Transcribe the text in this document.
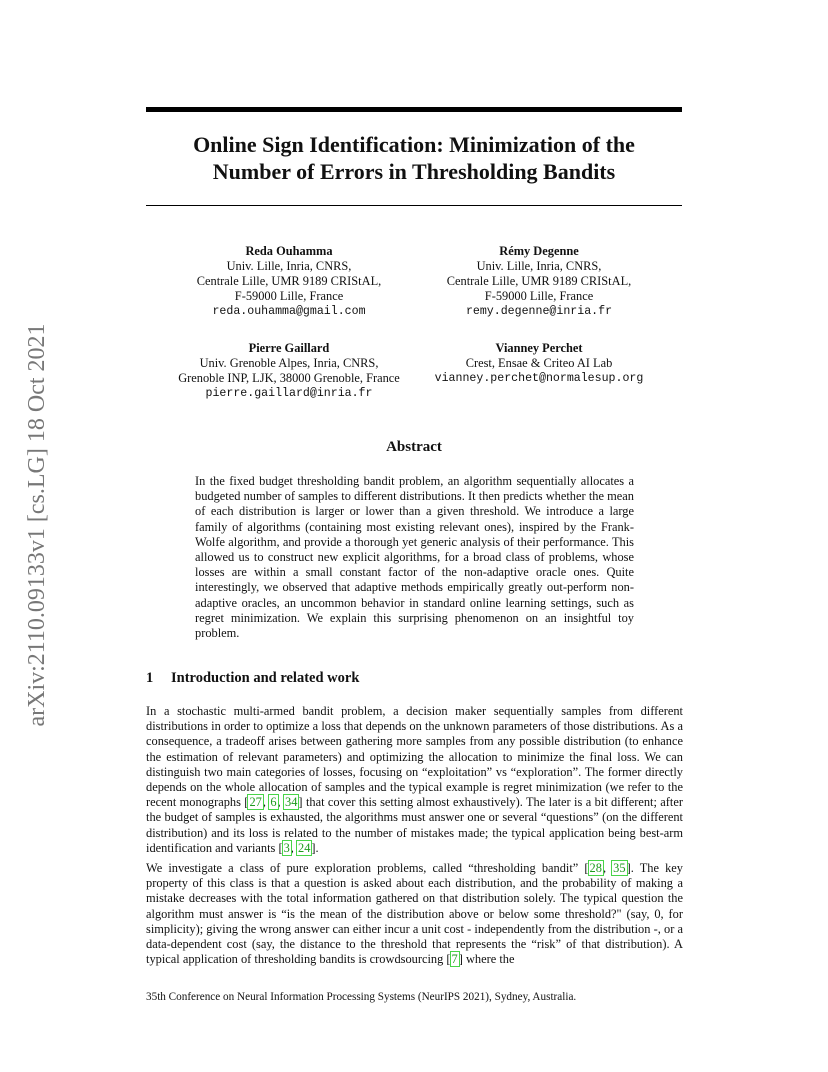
arXiv:2110.09133v1 [cs.LG] 18 Oct 2021
Online Sign Identification: Minimization of the
Number of Errors in Thresholding Bandits
Reda Ouhamma
Univ. Lille, Inria, CNRS,
Centrale Lille, UMR 9189 CRIStAL,
F-59000 Lille, France
reda.ouhamma@gmail.com
Rémy Degenne
Univ. Lille, Inria, CNRS,
Centrale Lille, UMR 9189 CRIStAL,
F-59000 Lille, France
remy.degenne@inria.fr
Pierre Gaillard
Univ. Grenoble Alpes, Inria, CNRS,
Grenoble INP, LJK, 38000 Grenoble, France
pierre.gaillard@inria.fr
Vianney Perchet
Crest, Ensae & Criteo AI Lab
vianney.perchet@normalesup.org
Abstract
In the fixed budget thresholding bandit problem, an algorithm sequentially allocates a budgeted number of samples to different distributions. It then predicts whether the mean of each distribution is larger or lower than a given threshold. We introduce a large family of algorithms (containing most existing relevant ones), inspired by the Frank-Wolfe algorithm, and provide a thorough yet generic analysis of their performance. This allowed us to construct new explicit algorithms, for a broad class of problems, whose losses are within a small constant factor of the non-adaptive oracle ones. Quite interestingly, we observed that adaptive methods empirically greatly out-perform non-adaptive oracles, an uncommon behavior in standard online learning settings, such as regret minimization. We explain this surprising phenomenon on an insightful toy problem.
1 Introduction and related work

In a stochastic multi-armed bandit problem, a decision maker sequentially samples from different distributions in order to optimize a loss that depends on the unknown parameters of those distributions. As a consequence, a tradeoff arises between gathering more samples from any possible distribution (to enhance the estimation of relevant parameters) and optimizing the allocation to minimize the final loss. We can distinguish two main categories of losses, focusing on “exploitation” vs “exploration”. The former directly depends on the whole allocation of samples and the typical example is regret minimization (we refer to the recent monographs [27, 6, 34] that cover this setting almost exhaustively). The later is a bit different; after the budget of samples is exhausted, the algorithms must answer one or several “questions” (on the different distribution) and its loss is related to the number of mistakes made; the typical application being best-arm identification and variants [3, 24].

We investigate a class of pure exploration problems, called “thresholding bandit” [28, 35]. The key property of this class is that a question is asked about each distribution, and the probability of making a mistake decreases with the total information gathered on that distribution solely. The typical question the algorithm must answer is “is the mean of the distribution above or below some threshold?" (say, 0, for simplicity); giving the wrong answer can either incur a unit cost - independently from the distribution -, or a data-dependent cost (say, the distance to the threshold that represents the “risk” of that distribution). A typical application of thresholding bandits is crowdsourcing [7] where the

35th Conference on Neural Information Processing Systems (NeurIPS 2021), Sydney, Australia.
